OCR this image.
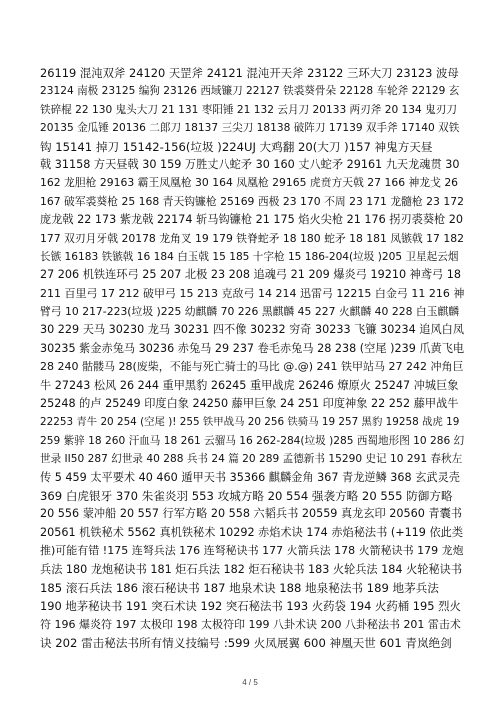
26119 混沌双斧 24120 天罡斧 24121 混沌开天斧 23122 三环大刀 23123 波母
23124 南极 23125 编狗 23126 西域镰刀 22127 铁裘葵骨朵 22128 车轮斧 22129 玄
铁碎棍 22 130 鬼头大刀 21 131 枣阳锤 21 132 云月刀 20133 两刃斧 20 134 鬼刃刀
20135 金瓜锤 20136 二郎刀 18137 三尖刀 18138 破阵刀 17139 双手斧 17140 双铁
钩 15141 掉刀 15142-156(垃圾 )224UJ 大鸡翻 20(大刀 )157 神鬼方天昼
戟 31158 方天昼戟 30 159 万胜丈八蛇矛 30 160 丈八蛇矛 29161 九天龙魂贯 30
162 龙胆枪 29163 霸王凤凰枪 30 164 凤凰枪 29165 虎贲方天戟 27 166 神龙戈 26
167 破军裘葵枪 25 168 青天钩镰枪 25169 西极 23 170 不周 23 171 龙髓枪 23 172
庞龙戟 22 173 紫龙戟 22174 斩马钩镰枪 21 175 焰火尖枪 21 176 拐刃裘葵枪 20
177 双刃月牙戟 20178 龙角叉 19 179 铁脊蛇矛 18 180 蛇矛 18 181 凤镞戟 17 182
长镞 16183 铁镞戟 16 184 白玉戟 15 185 十字枪 15 186-204(垃圾 )205 卫星起云烟
27 206 机铁连环弓 25 207 北极 23 208 追魂弓 21 209 爆炎弓 19210 神鸢弓 18
211 百里弓 17 212 破甲弓 15 213 克敌弓 14 214 迅雷弓 12215 白金弓 11 216 神
臂弓 10 217-223(垃圾 )225 幼麒麟 70 226 黑麒麟 45 227 火麒麟 40 228 白玉麒麟
30 229 天马 30230 龙马 30231 四不像 30232 穷奇 30233 飞镰 30234 追风白凤
30235 紫金赤兔马 30236 赤兔马 29 237 卷毛赤兔马 28 238 (空尾 )239 爪黄飞电
28 240 骷髅马 28(废柴，不能与死亡骑士的马比 @.@) 241 铁甲站马 27 242 冲角巨
牛 27243 松风 26 244 重甲黑豹 26245 重甲战虎 26246 燎原火 25247 冲城巨象
25248 的卢 25249 印度白象 24250 藤甲巨象 24 251 印度神象 22 252 藤甲战牛
22253 青牛 20 254 (空尾 )! 255 铁甲战马 20 256 铁骑马 19 257 黑豹 19258 战虎 19
259 紫骍 18 260 汗血马 18 261 云骝马 16 262-284(垃圾 )285 西蜀地形图 10 286 幻
世录 II50 287 幻世录 40 288 兵书 24 篇 20 289 孟德新书 15290 史记 10 291 春秋左
传 5 459 太平要术 40 460 遁甲天书 35366 麒麟金角 367 青龙逆鳞 368 玄武灵壳
369 白虎银牙 370 朱雀炎羽 553 攻城方略 20 554 强袭方略 20 555 防御方略
20 556 蒙冲船 20 557 行军方略 20 558 六韬兵书 20559 真龙玄印 20560 青囊书
20561 机铁秘术 5562 真机铁秘术 10292 赤焰术诀 174 赤焰秘法书 (+119 依此类
推)可能有错 !175 连弩兵法 176 连弩秘诀书 177 火箭兵法 178 火箭秘诀书 179 龙炮
兵法 180 龙炮秘诀书 181 炬石兵法 182 炬石秘诀书 183 火轮兵法 184 火轮秘诀书
185 滚石兵法 186 滚石秘诀书 187 地泉术诀 188 地泉秘法书 189 地茅兵法
190 地茅秘诀书 191 突石术诀 192 突石秘法书 193 火药袋 194 火药桶 195 烈火
符 196 爆炎符 197 太极印 198 太极符印 199 八卦术诀 200 八卦秘法书 201 雷击术
诀 202 雷击秘法书所有情义技编号 :599 火凤展翼 600 神凰天世 601 青岚绝剑
4 / 5
